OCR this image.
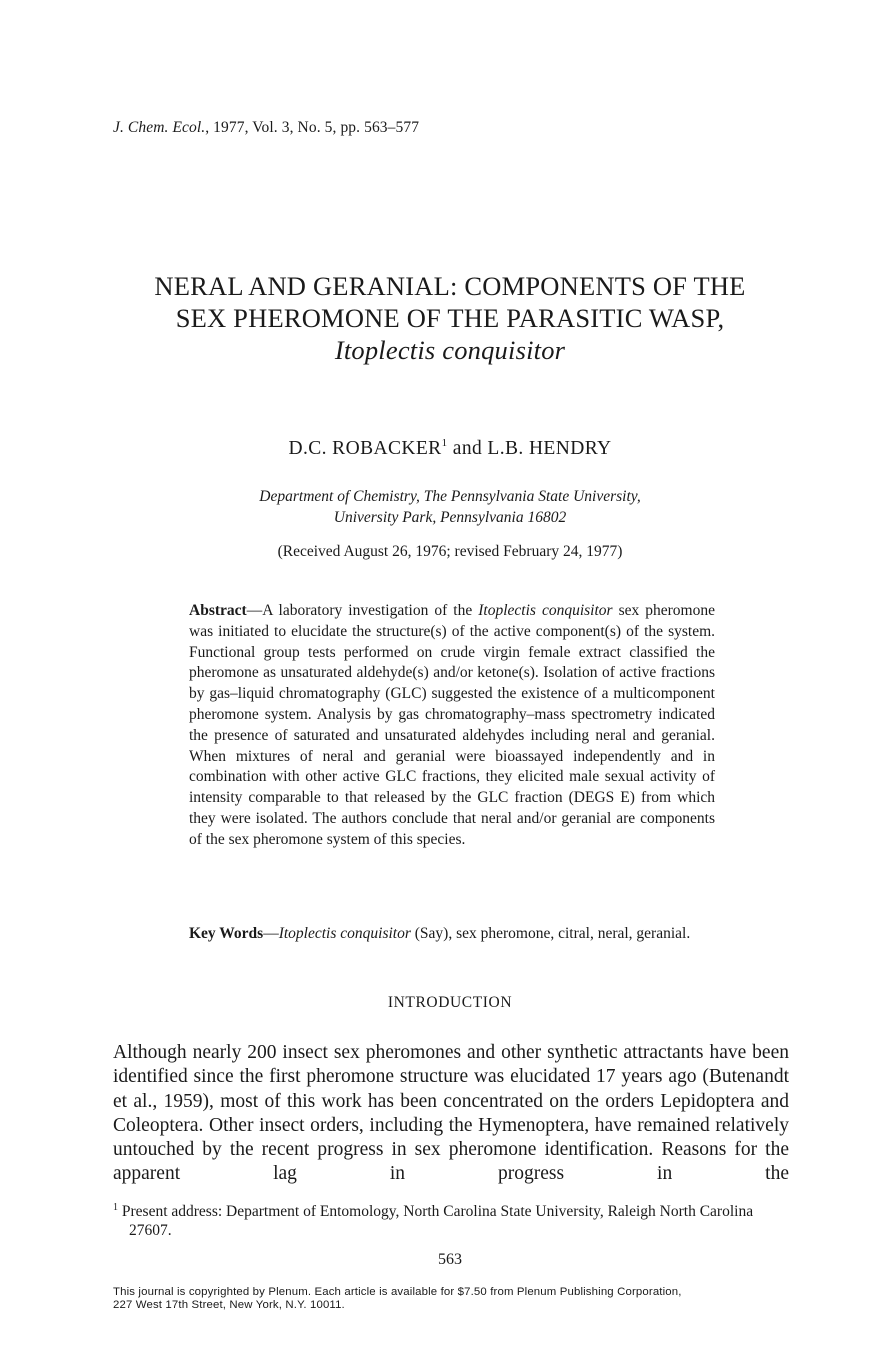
J. Chem. Ecol., 1977, Vol. 3, No. 5, pp. 563–577
NERAL AND GERANIAL: COMPONENTS OF THE
SEX PHEROMONE OF THE PARASITIC WASP,
Itoplectis conquisitor
D.C. ROBACKER$^1$ and L.B. HENDRY
Department of Chemistry, The Pennsylvania State University,
University Park, Pennsylvania 16802
(Received August 26, 1976; revised February 24, 1977)
Abstract—A laboratory investigation of the Itoplectis conquisitor sex pheromone was initiated to elucidate the structure(s) of the active component(s) of the system. Functional group tests performed on crude virgin female extract classified the pheromone as unsaturated aldehyde(s) and/or ketone(s). Isolation of active fractions by gas–liquid chromatography (GLC) suggested the existence of a multicomponent pheromone system. Analysis by gas chromatography–mass spectrometry indicated the presence of saturated and unsaturated aldehydes including neral and geranial. When mixtures of neral and geranial were bioassayed independently and in combination with other active GLC fractions, they elicited male sexual activity of intensity comparable to that released by the GLC fraction (DEGS E) from which they were isolated. The authors conclude that neral and/or geranial are components of the sex pheromone system of this species.
Key Words—Itoplectis conquisitor (Say), sex pheromone, citral, neral, geranial.
INTRODUCTION
Although nearly 200 insect sex pheromones and other synthetic attractants have been identified since the first pheromone structure was elucidated 17 years ago (Butenandt et al., 1959), most of this work has been concentrated on the orders Lepidoptera and Coleoptera. Other insect orders, including the Hymenoptera, have remained relatively untouched by the recent progress in sex pheromone identification. Reasons for the apparent lag in progress in the
$^1$ Present address: Department of Entomology, North Carolina State University, Raleigh North Carolina 27607.
563
This journal is copyrighted by Plenum. Each article is available for $7.50 from Plenum Publishing Corporation,
227 West 17th Street, New York, N.Y. 10011.
